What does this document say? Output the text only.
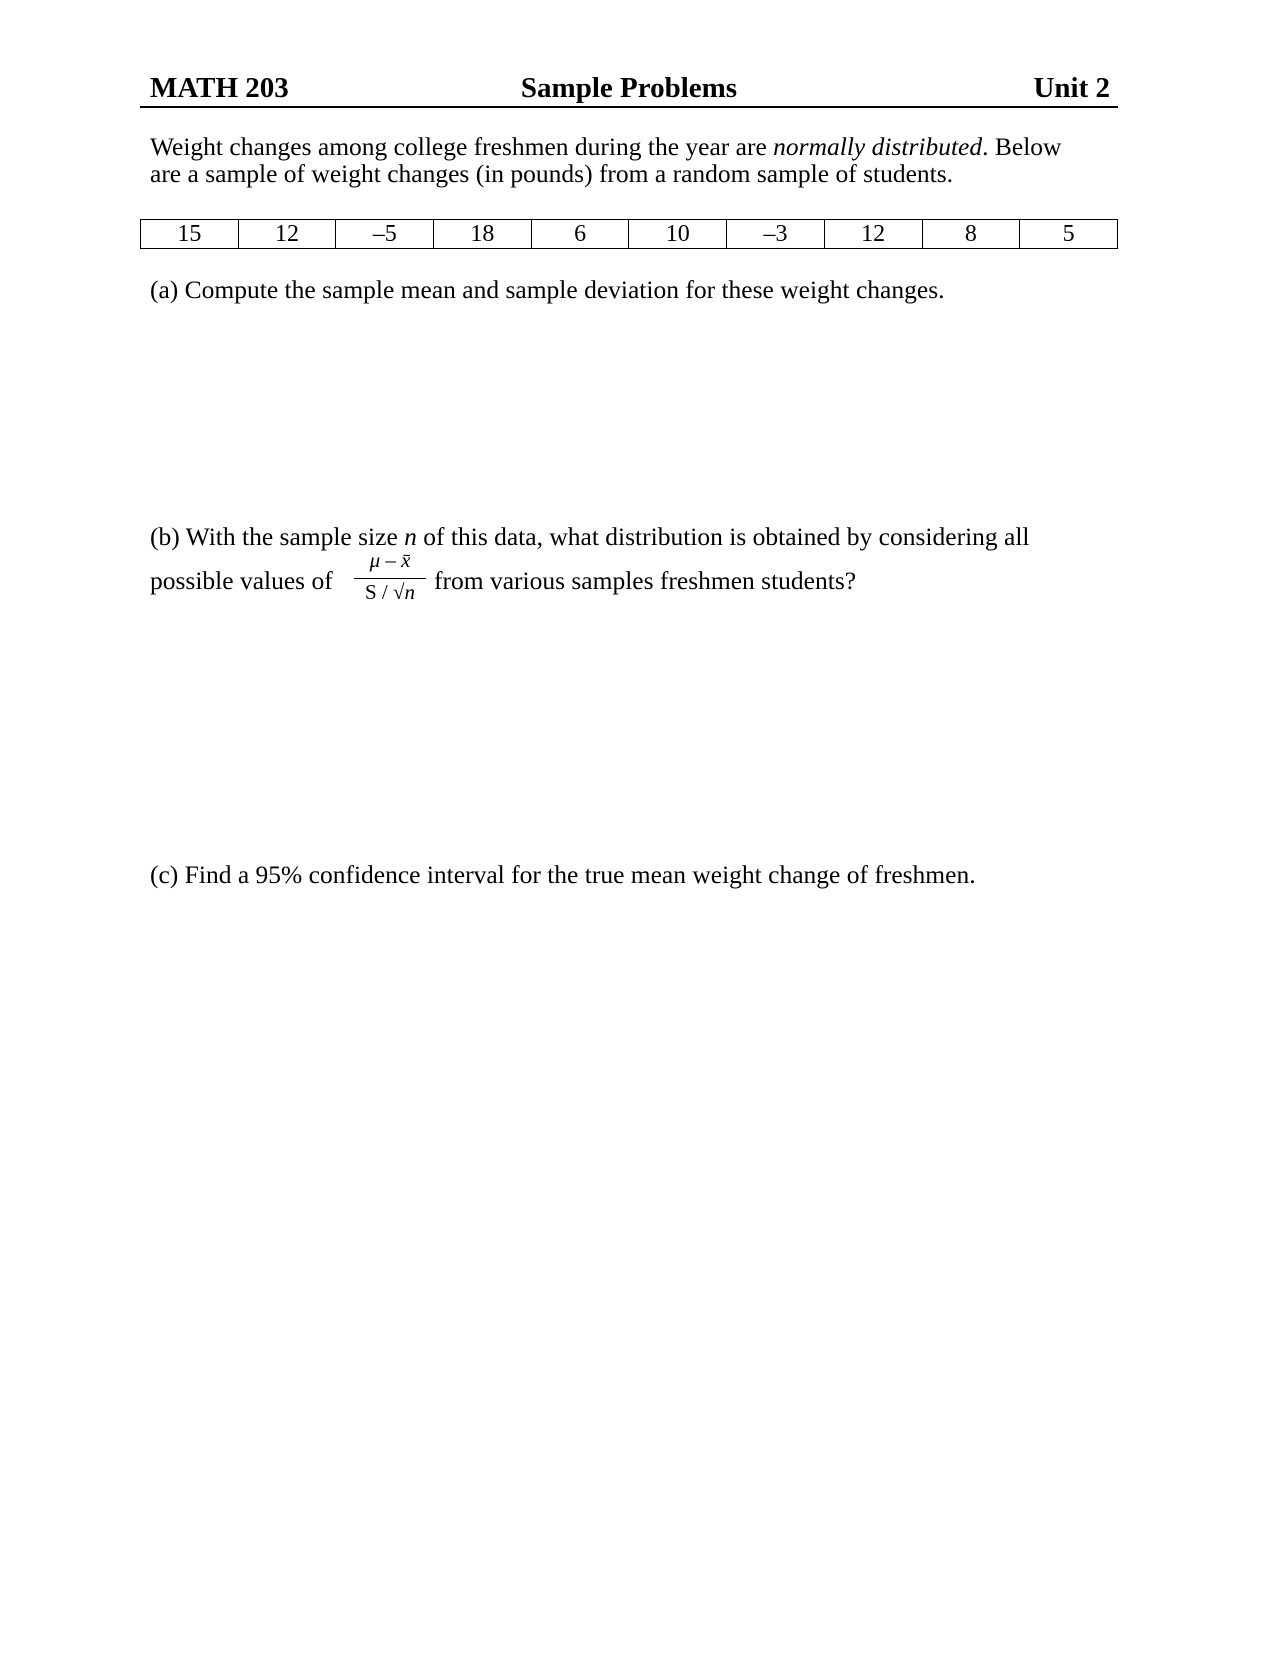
MATH 203	Sample Problems	Unit 2
Weight changes among college freshmen during the year are normally distributed. Below
are a sample of weight changes (in pounds) from a random sample of students.
15	12	–5	18	6	10	–3	12	8	5
(a) Compute the sample mean and sample deviation for these weight changes.
(b) With the sample size n of this data, what distribution is obtained by considering all
possible values of
μ – x̄
S / √n from various samples freshmen students?
(c) Find a 95% confidence interval for the true mean weight change of freshmen.
